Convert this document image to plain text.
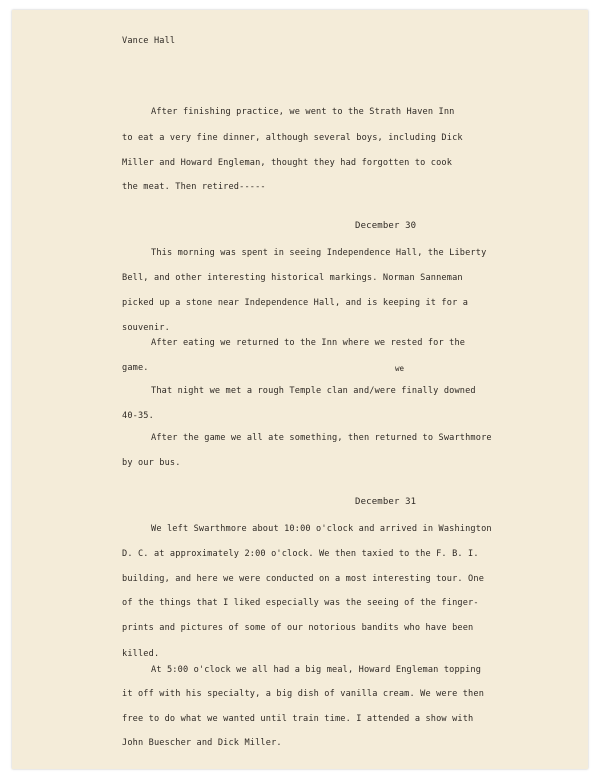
Vance Hall
After finishing practice, we went to the Strath Haven Inn
to eat a very fine dinner, although several boys, including Dick
Miller and Howard Engleman, thought they had forgotten to cook
the meat. Then retired-----
December 30
This morning was spent in seeing Independence Hall, the Liberty
Bell, and other interesting historical markings. Norman Sanneman
picked up a stone near Independence Hall, and is keeping it for a
souvenir.
After eating we returned to the Inn where we rested for the
game.	we
That night we met a rough Temple clan and/were finally downed
40-35.
After the game we all ate something, then returned to Swarthmore
by our bus.
December 31
We left Swarthmore about 10:00 o'clock and arrived in Washington
D. C. at approximately 2:00 o'clock. We then taxied to the F. B. I.
building, and here we were conducted on a most interesting tour. One
of the things that I liked especially was the seeing of the finger-
prints and pictures of some of our notorious bandits who have been
killed.
At 5:00 o'clock we all had a big meal, Howard Engleman topping
it off with his specialty, a big dish of vanilla cream. We were then
free to do what we wanted until train time. I attended a show with
John Buescher and Dick Miller.
